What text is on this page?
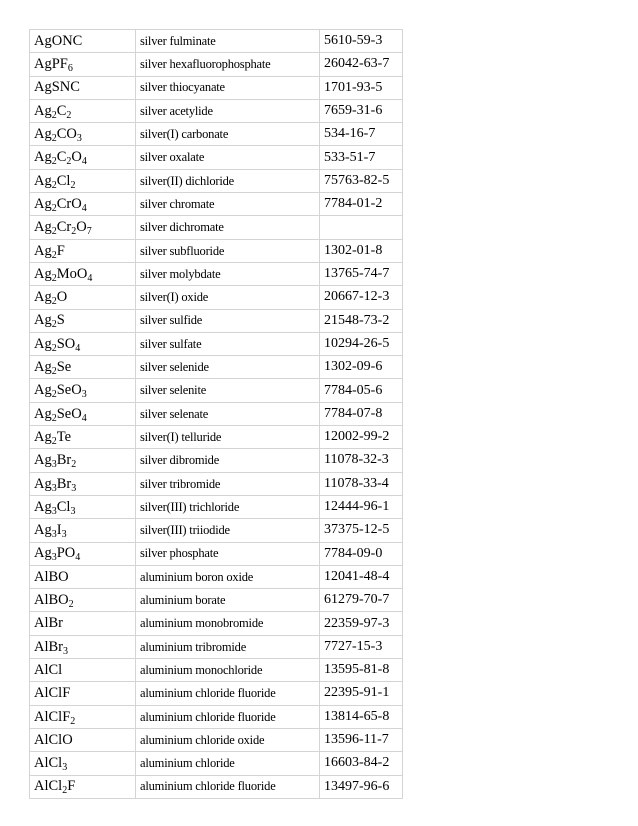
AgONC	silver fulminate	5610-59-3
AgPF$_6$	silver hexafluorophosphate	26042-63-7
AgSNC	silver thiocyanate	1701-93-5
$Ag_2C_2$	silver acetylide	7659-31-6
$Ag_2CO_3$	silver(I) carbonate	534-16-7
$Ag_2C_2O_4$	silver oxalate	533-51-7
$Ag_2Cl_2$	silver(II) dichloride	75763-82-5
$Ag_2CrO_4$	silver chromate	7784-01-2
$Ag_2Cr_2O_7$	silver dichromate	
$Ag_2F$	silver subfluoride	1302-01-8
$Ag_2MoO_4$	silver molybdate	13765-74-7
$Ag_2O$	silver(I) oxide	20667-12-3
$Ag_2S$	silver sulfide	21548-73-2
$Ag_2SO_4$	silver sulfate	10294-26-5
$Ag_2Se$	silver selenide	1302-09-6
$Ag_2SeO_3$	silver selenite	7784-05-6
$Ag_2SeO_4$	silver selenate	7784-07-8
$Ag_2Te$	silver(I) telluride	12002-99-2
$Ag_3Br_2$	silver dibromide	11078-32-3
$Ag_3Br_3$	silver tribromide	11078-33-4
$Ag_3Cl_3$	silver(III) trichloride	12444-96-1
$Ag_3I_3$	silver(III) triiodide	37375-12-5
$Ag_3PO_4$	silver phosphate	7784-09-0
AlBO	aluminium boron oxide	12041-48-4
AlBO$_2$	aluminium borate	61279-70-7
AlBr	aluminium monobromide	22359-97-3
AlBr$_3$	aluminium tribromide	7727-15-3
AlCl	aluminium monochloride	13595-81-8
AlClF	aluminium chloride fluoride	22395-91-1
AlClF$_2$	aluminium chloride fluoride	13814-65-8
AlClO	aluminium chloride oxide	13596-11-7
AlCl$_3$	aluminium chloride	16603-84-2
AlCl$_2$F	aluminium chloride fluoride	13497-96-6
